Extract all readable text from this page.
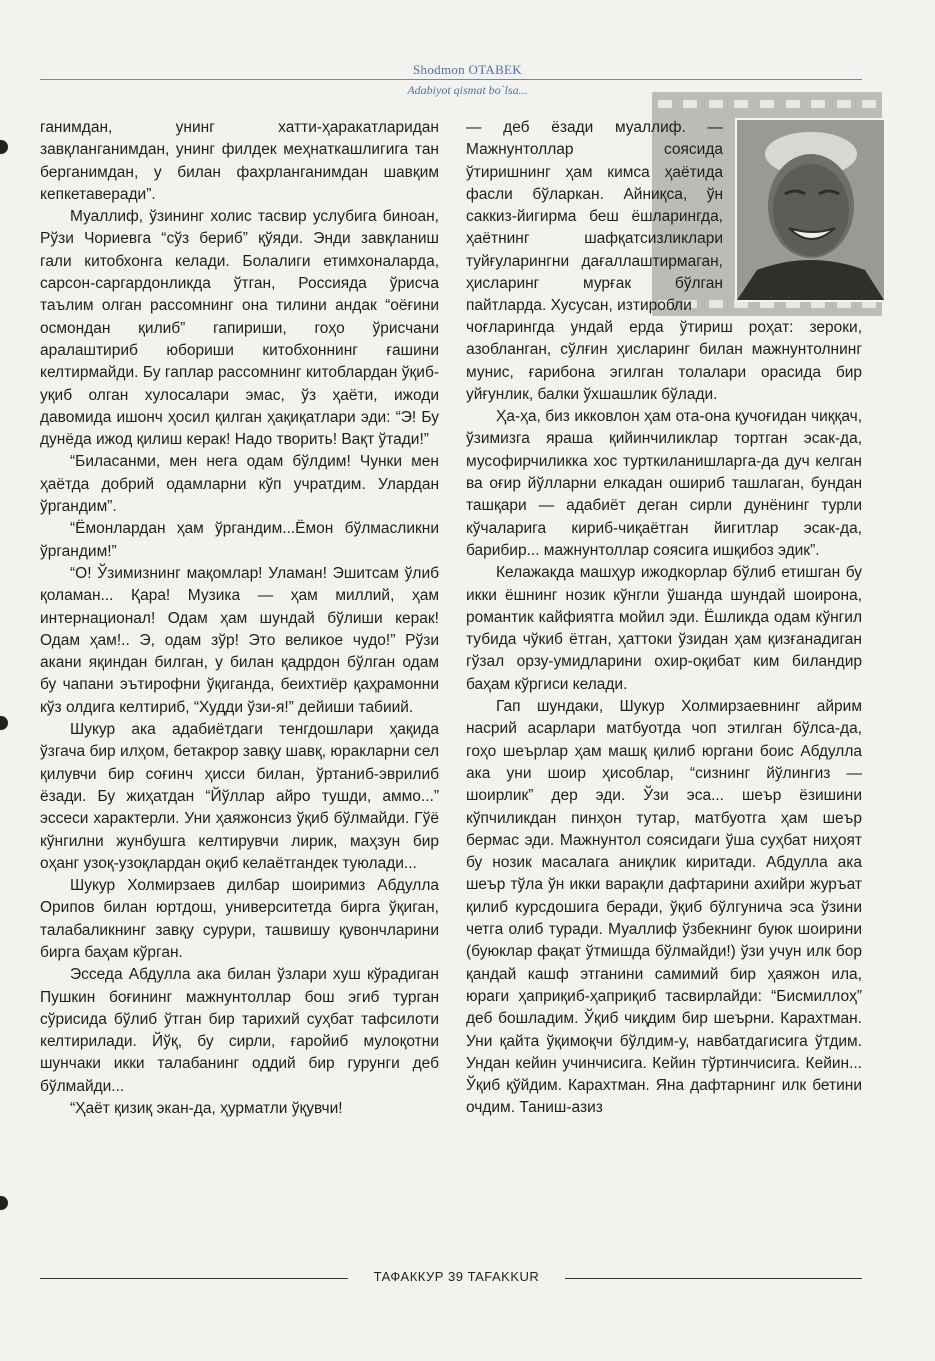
Shodmon OTABEK
Adabiyot qismat bo`lsa...

ганимдан, унинг хатти-ҳаракатларидан завқланганимдан, унинг филдек меҳнаткашлигига тан берганимдан, у билан фахрланганимдан шавқим кепкетаверади”.

Муаллиф, ўзининг холис тасвир услубига биноан, Рўзи Чориевга “сўз бериб” қўяди. Энди завқланиш гали китобхонга келади. Болалиги етимхоналарда, сарсон-саргардонликда ўтган, Россияда ўрисча таълим олган рассомнинг она тилини андак “оёғини осмондан қилиб” гапириши, гоҳо ўрисчани аралаштириб юбориши китобхоннинг ғашини келтирмайди. Бу гаплар рассомнинг китоблардан ўқиб-уқиб олган хулосалари эмас, ўз ҳаёти, ижоди давомида ишонч ҳосил қилган ҳақиқатлари эди: “Э! Бу дунёда ижод қилиш керак! Надо творить! Вақт ўтади!”

“Биласанми, мен нега одам бўлдим! Чунки мен ҳаётда добрий одамларни кўп учратдим. Улардан ўргандим”.

“Ёмонлардан ҳам ўргандим...Ёмон бўлмасликни ўргандим!”

“О! Ўзимизнинг мақомлар! Уламан! Эшитсам ўлиб қоламан... Қара! Музика — ҳам миллий, ҳам интернационал! Одам ҳам шундай бўлиши керак! Одам ҳам!.. Э, одам зўр! Это великое чудо!” Рўзи акани яқиндан билган, у билан қадрдон бўлган одам бу чапани эътирофни ўқиганда, беихтиёр қаҳрамонни кўз олдига келтириб, “Худди ўзи-я!” дейиши табиий.

Шукур ака адабиётдаги тенгдошлари ҳақида ўзгача бир илҳом, бетакрор завқу шавқ, юракларни сел қилувчи бир соғинч ҳисси билан, ўртаниб-эврилиб ёзади. Бу жиҳатдан “Йўллар айро тушди, аммо...” эссеси характерли. Уни ҳаяжонсиз ўқиб бўлмайди. Гўё кўнгилни жунбушга келтирувчи лирик, маҳзун бир оҳанг узоқ-узоқлардан оқиб келаётгандек туюлади...

Шукур Холмирзаев дилбар шоиримиз Абдулла Орипов билан юртдош, университетда бирга ўқиган, талабаликнинг завқу сурури, ташвишу қувончларини бирга баҳам кўрган.

Эсседа Абдулла ака билан ўзлари хуш кўрадиган Пушкин боғининг мажнунтоллар бош эгиб турган сўрисида бўлиб ўтган бир тарихий суҳбат тафсилоти келтирилади. Йўқ, бу сирли, ғаройиб мулоқотни шунчаки икки талабанинг оддий бир гурунги деб бўлмайди...

“Ҳаёт қизиқ экан-да, ҳурматли ўқувчи!

— деб ёзади муаллиф. — Мажнунтоллар соясида ўтиришнинг ҳам кимса ҳаётида фасли бўларкан. Айниқса, ўн саккиз-йигирма беш ёшларингда, ҳаётнинг шафқатсизликлари туйғуларингни дағаллаштирмаган, ҳисларинг мурғак бўлган пайтларда. Хусусан, изтиробли

чоғларингда ундай ерда ўтириш роҳат: зероки, азобланган, сўлғин ҳисларинг билан мажнунтолнинг мунис, ғарибона эгилган толалари орасида бир уйғунлик, балки ўхшашлик бўлади.

Ҳа-ҳа, биз икковлон ҳам ота-она қучоғидан чиққач, ўзимизга яраша қийинчиликлар тортган эсак-да, мусофирчиликка хос турткиланишларга-да дуч келган ва оғир йўлларни елкадан ошириб ташлаган, бундан ташқари — адабиёт деган сирли дунёнинг турли кўчаларига кириб-чиқаётган йигитлар эсак-да, барибир... мажнунтоллар соясига ишқибоз эдик”.

Келажакда машҳур ижодкорлар бўлиб етишган бу икки ёшнинг нозик кўнгли ўшанда шундай шоирона, романтик кайфиятга мойил эди. Ёшликда одам кўнгил тубида чўкиб ётган, ҳаттоки ўзидан ҳам қизғанадиган гўзал орзу-умидларини охир-оқибат ким биландир баҳам кўргиси келади.

Гап шундаки, Шукур Холмирзаевнинг айрим насрий асарлари матбуотда чоп этилган бўлса-да, гоҳо шеърлар ҳам машқ қилиб юргани боис Абдулла ака уни шоир ҳисоблар, “сизнинг йўлингиз — шоирлик” дер эди. Ўзи эса... шеър ёзишини кўпчиликдан пинҳон тутар, матбуотга ҳам шеър бермас эди. Мажнунтол соясидаги ўша суҳбат ниҳоят бу нозик масалага аниқлик киритади. Абдулла ака шеър тўла ўн икки варақли дафтарини ахийри журъат қилиб курсдошига беради, ўқиб бўлгунича эса ўзини четга олиб туради. Муаллиф ўзбекнинг буюк шоирини (буюклар фақат ўтмишда бўлмайди!) ўзи учун илк бор қандай кашф этганини самимий бир ҳаяжон ила, юраги ҳаприқиб-ҳаприқиб тасвирлайди: “Бисмиллоҳ” деб бошладим. Ўқиб чиқдим бир шеърни. Карахтман. Уни қайта ўқимоқчи бўлдим-у, навбатдагисига ўтдим. Ундан кейин учинчисига. Кейин тўртинчисига. Кейин... Ўқиб қўйдим. Карахтман. Яна дафтарнинг илк бетини очдим. Таниш-азиз

ТАФАККУР 39 TAFAKKUR
